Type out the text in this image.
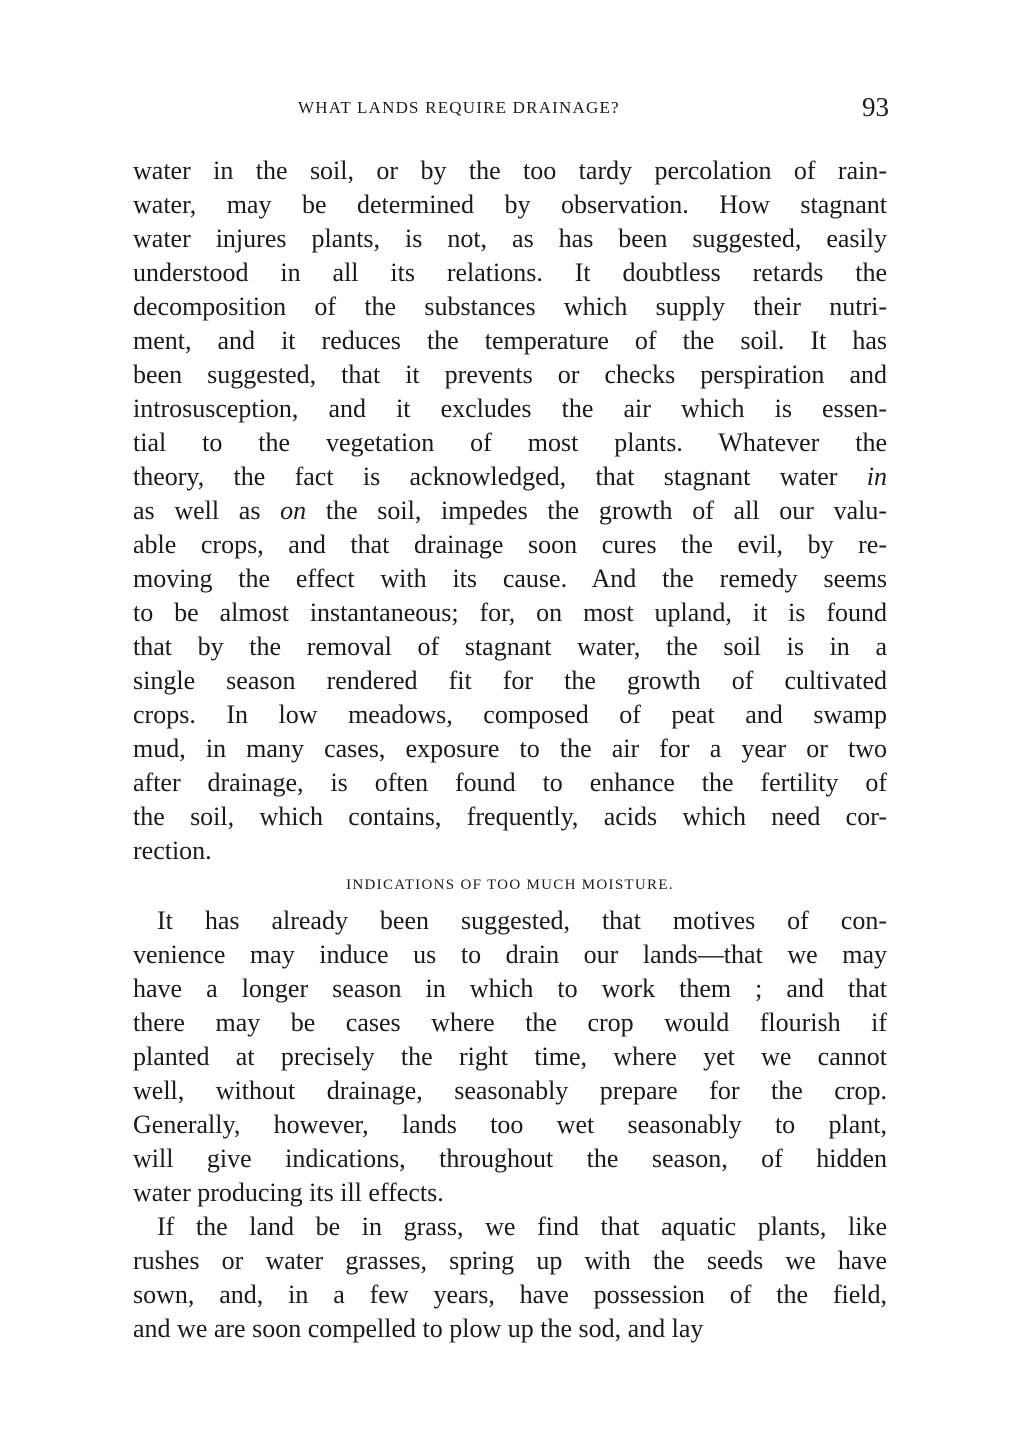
WHAT LANDS REQUIRE DRAINAGE?	93
water in the soil, or by the too tardy percolation of rain-
water, may be determined by observation. How stagnant
water injures plants, is not, as has been suggested, easily
understood in all its relations. It doubtless retards the
decomposition of the substances which supply their nutri-
ment, and it reduces the temperature of the soil. It has
been suggested, that it prevents or checks perspiration and
introsusception, and it excludes the air which is essen-
tial to the vegetation of most plants. Whatever the
theory, the fact is acknowledged, that stagnant water in
as well as on the soil, impedes the growth of all our valu-
able crops, and that drainage soon cures the evil, by re-
moving the effect with its cause. And the remedy seems
to be almost instantaneous; for, on most upland, it is found
that by the removal of stagnant water, the soil is in a
single season rendered fit for the growth of cultivated
crops. In low meadows, composed of peat and swamp
mud, in many cases, exposure to the air for a year or two
after drainage, is often found to enhance the fertility of
the soil, which contains, frequently, acids which need cor-
rection.
INDICATIONS OF TOO MUCH MOISTURE.
It has already been suggested, that motives of con-
venience may induce us to drain our lands—that we may
have a longer season in which to work them ; and that
there may be cases where the crop would flourish if
planted at precisely the right time, where yet we cannot
well, without drainage, seasonably prepare for the crop.
Generally, however, lands too wet seasonably to plant,
will give indications, throughout the season, of hidden
water producing its ill effects.
If the land be in grass, we find that aquatic plants, like
rushes or water grasses, spring up with the seeds we have
sown, and, in a few years, have possession of the field,
and we are soon compelled to plow up the sod, and lay
